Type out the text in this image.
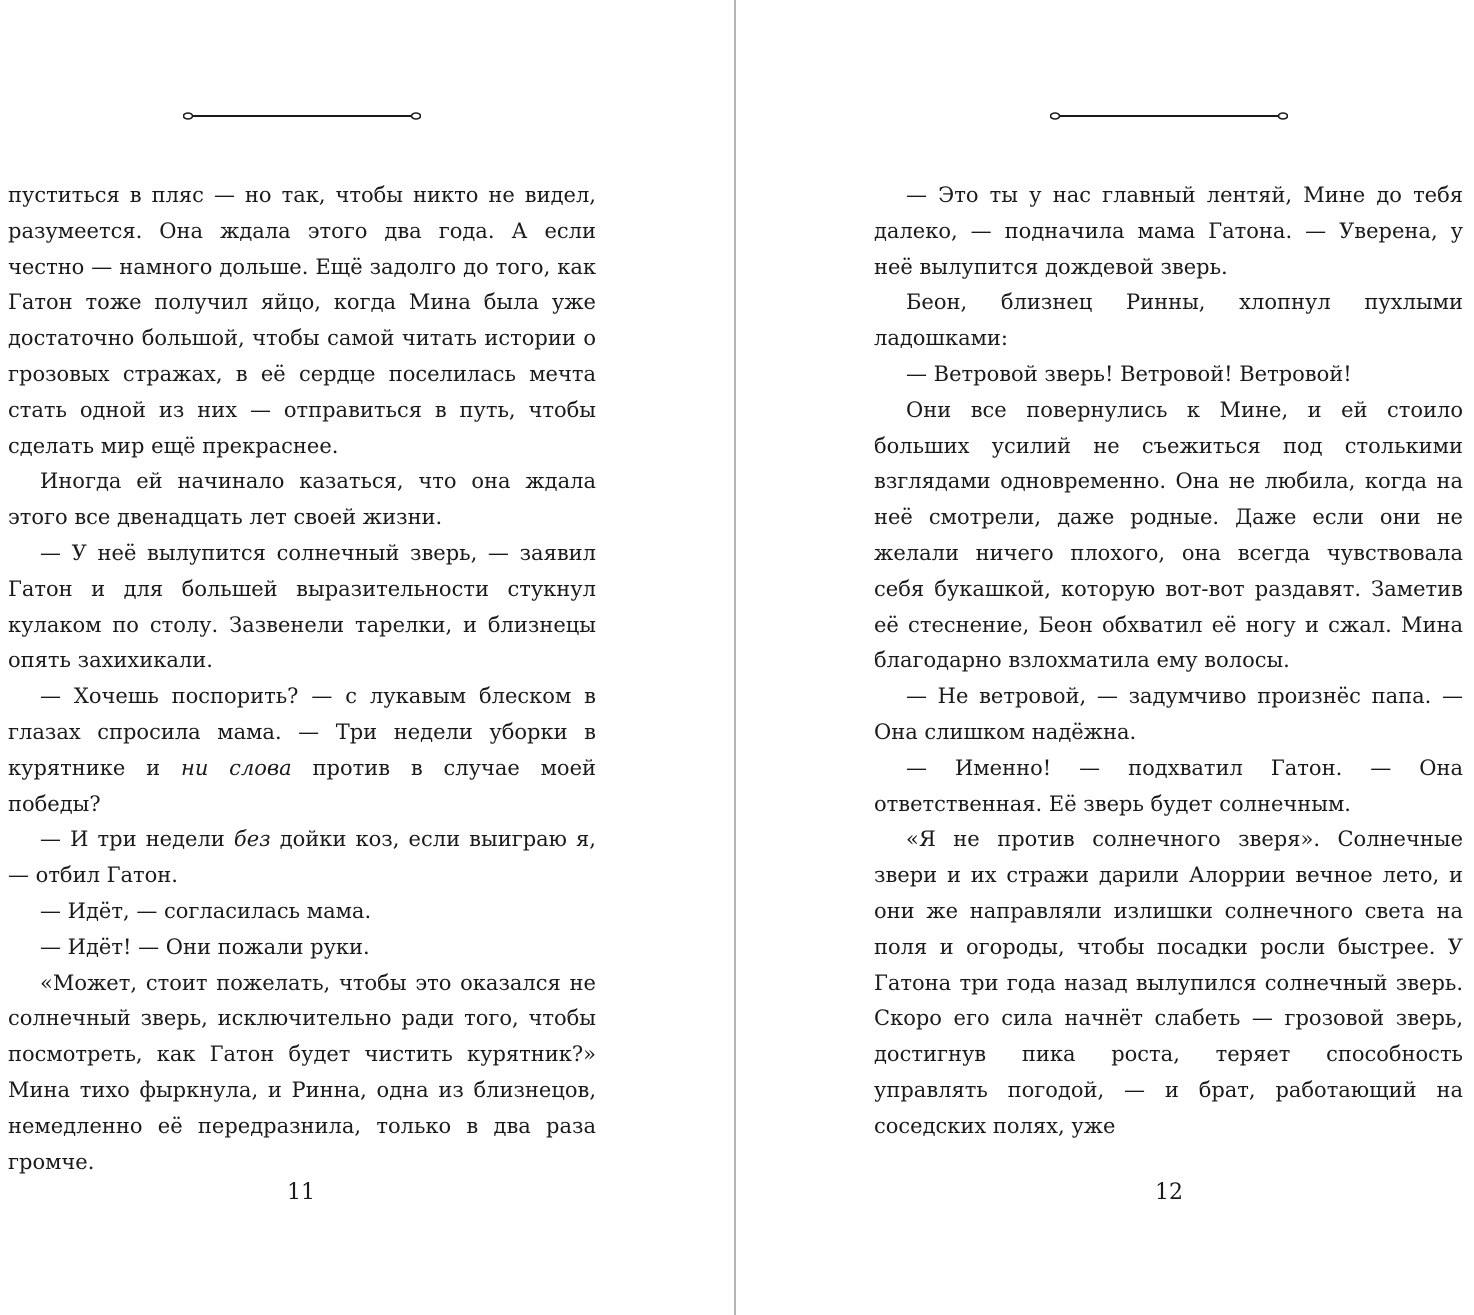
пуститься в пляс — но так, чтобы никто не видел, разумеется. Она ждала этого два года. А если честно — намного дольше. Ещё задолго до того, как Гатон тоже получил яйцо, когда Мина была уже достаточно большой, чтобы самой читать истории о грозовых стражах, в её сердце поселилась мечта стать одной из них — отправиться в путь, чтобы сделать мир ещё прекраснее.

Иногда ей начинало казаться, что она ждала этого все двенадцать лет своей жизни.

— У неё вылупится солнечный зверь, — заявил Гатон и для большей выразительности стукнул кулаком по столу. Зазвенели тарелки, и близнецы опять захихикали.

— Хочешь поспорить? — с лукавым блеском в глазах спросила мама. — Три недели уборки в курятнике и ни слова против в случае моей победы?

— И три недели без дойки коз, если выиграю я, — отбил Гатон.

— Идёт, — согласилась мама.

— Идёт! — Они пожали руки.

«Может, стоит пожелать, чтобы это оказался не солнечный зверь, исключительно ради того, чтобы посмотреть, как Гатон будет чистить курятник?» Мина тихо фыркнула, и Ринна, одна из близнецов, немедленно её передразнила, только в два раза громче.

11

— Это ты у нас главный лентяй, Мине до тебя далеко, — подначила мама Гатона. — Уверена, у неё вылупится дождевой зверь.

Беон, близнец Ринны, хлопнул пухлыми ладошками:

— Ветровой зверь! Ветровой! Ветровой!

Они все повернулись к Мине, и ей стоило больших усилий не съежиться под столькими взглядами одновременно. Она не любила, когда на неё смотрели, даже родные. Даже если они не желали ничего плохого, она всегда чувствовала себя букашкой, которую вот-вот раздавят. Заметив её стеснение, Беон обхватил её ногу и сжал. Мина благодарно взлохматила ему волосы.

— Не ветровой, — задумчиво произнёс папа. — Она слишком надёжна.

— Именно! — подхватил Гатон. — Она ответственная. Её зверь будет солнечным.

«Я не против солнечного зверя». Солнечные звери и их стражи дарили Алоррии вечное лето, и они же направляли излишки солнечного света на поля и огороды, чтобы посадки росли быстрее. У Гатона три года назад вылупился солнечный зверь. Скоро его сила начнёт слабеть — грозовой зверь, достигнув пика роста, теряет способность управлять погодой, — и брат, работающий на соседских полях, уже

12
